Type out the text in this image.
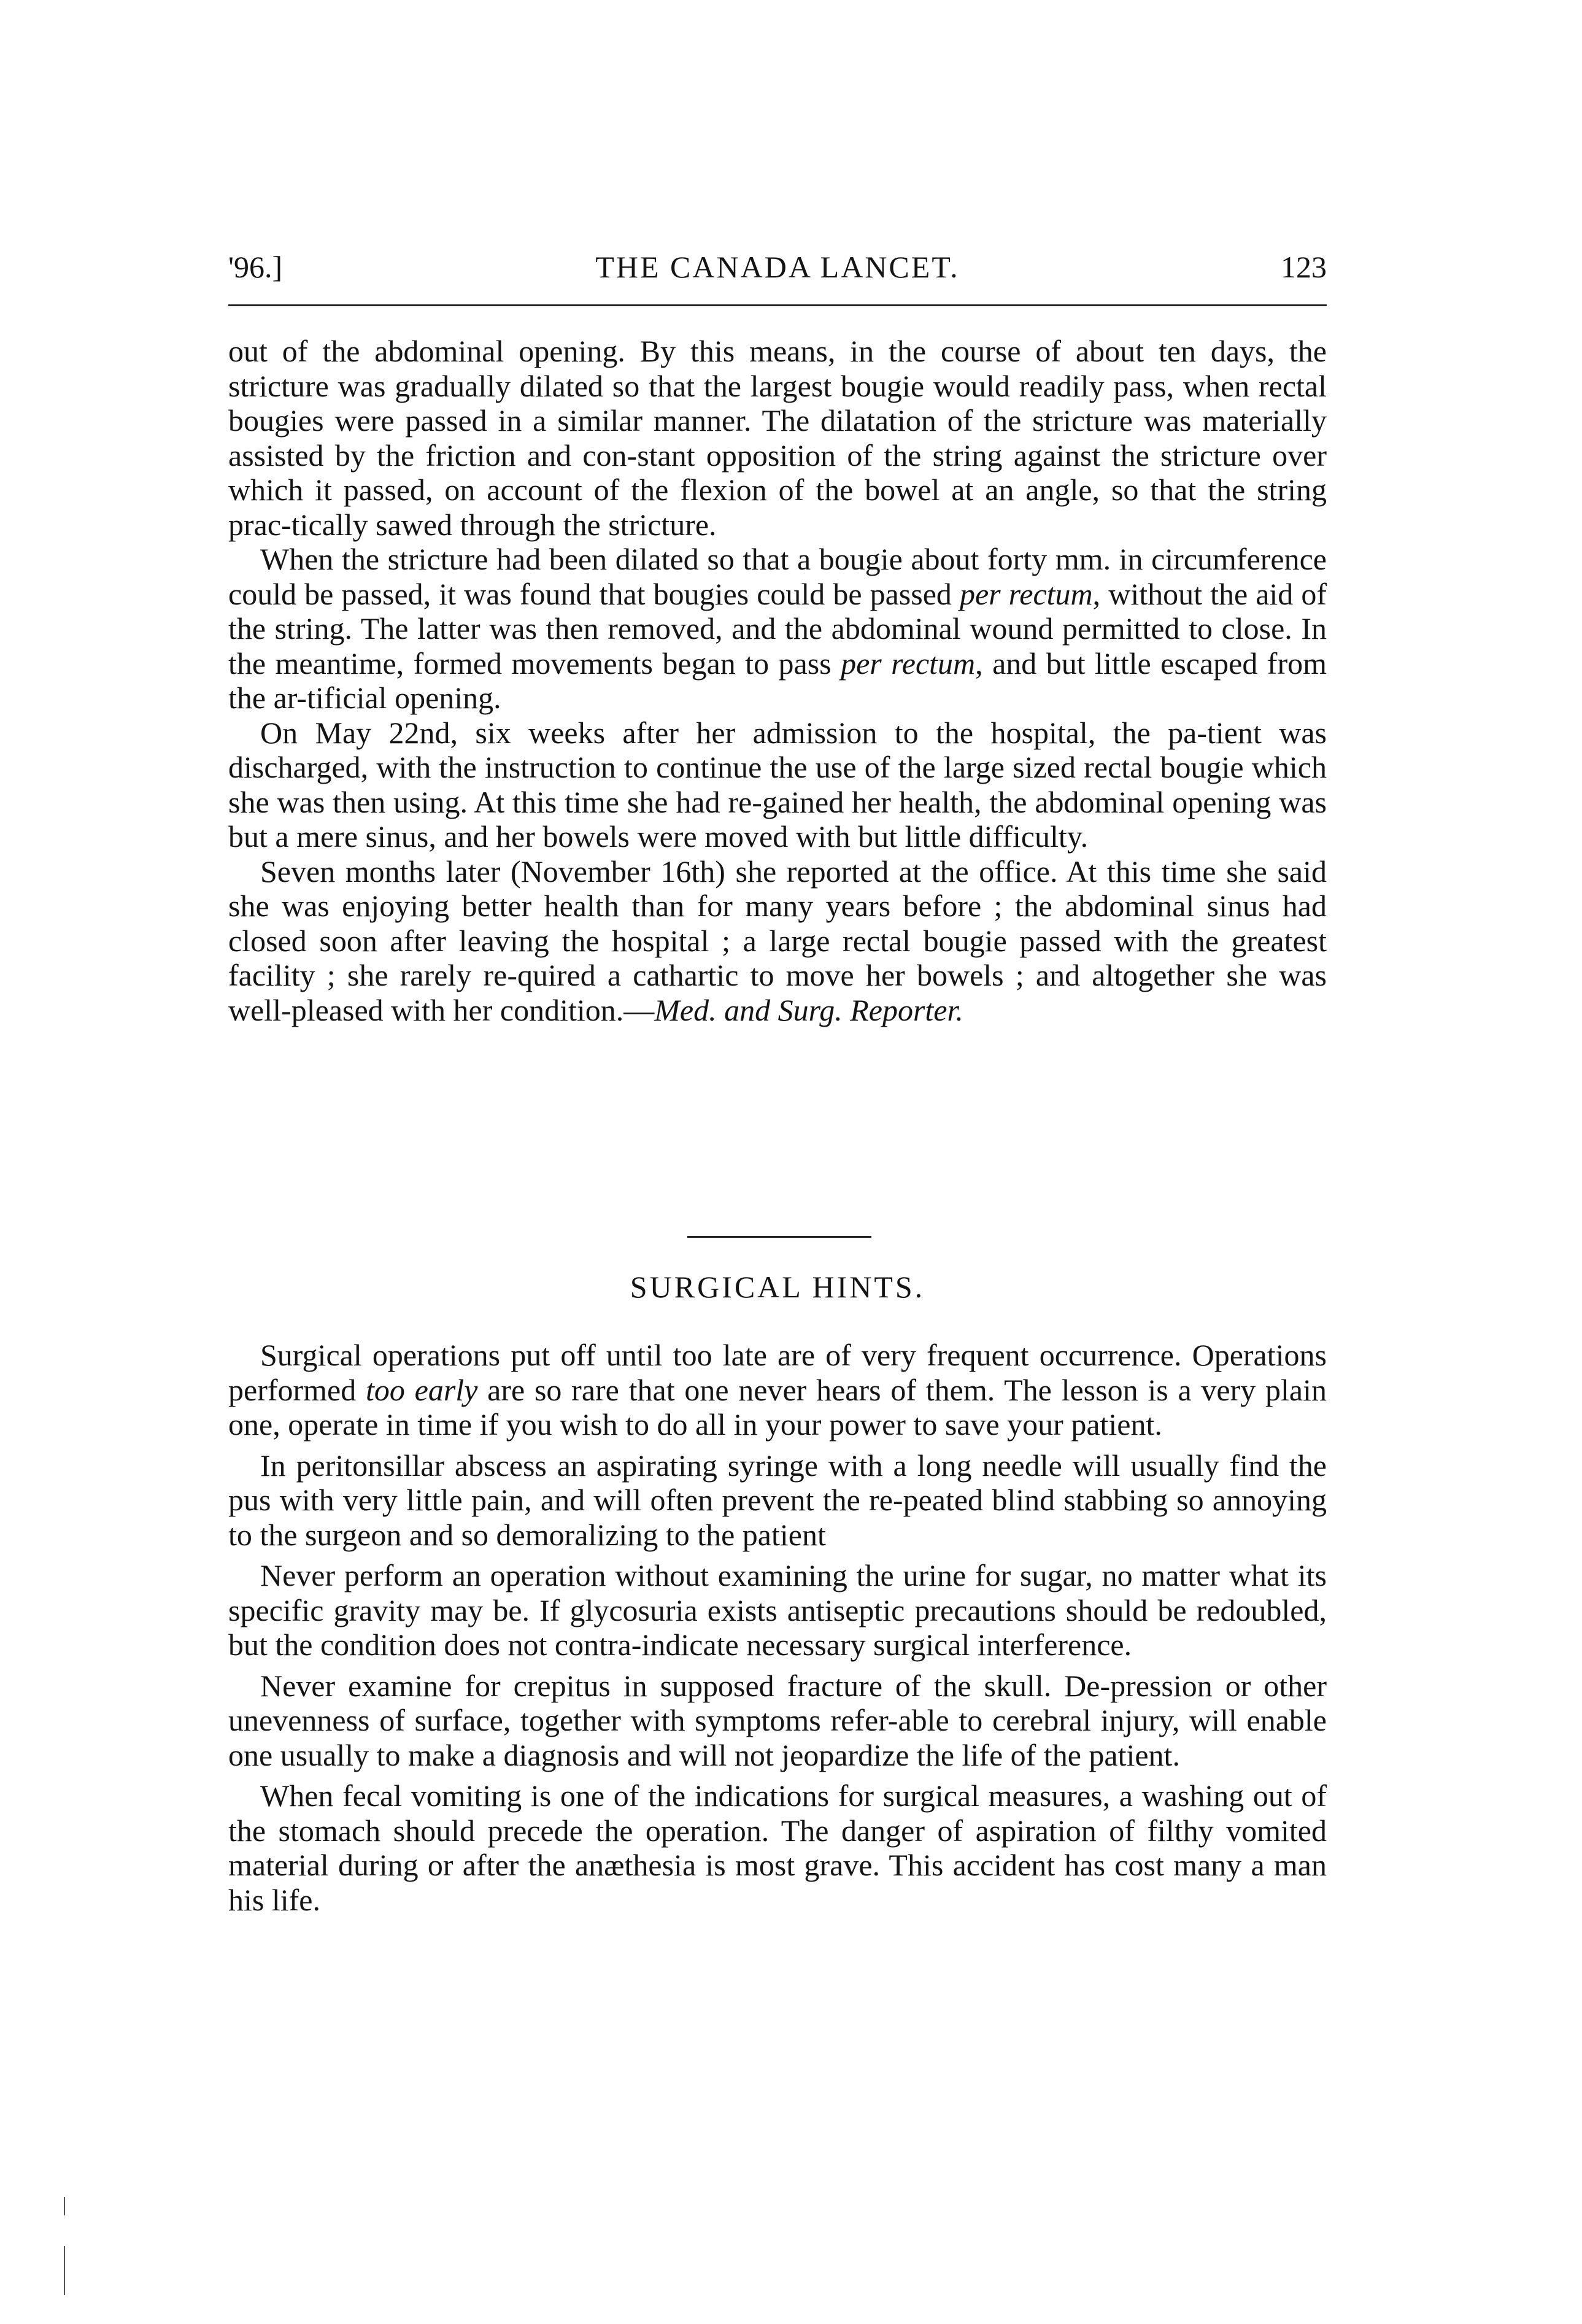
'96.]	THE CANADA LANCET.	123

out of the abdominal opening. By this means, in the course of about ten days, the stricture was gradually dilated so that the largest bougie would readily pass, when rectal bougies were passed in a similar manner. The dilatation of the stricture was materially assisted by the friction and con-stant opposition of the string against the stricture over which it passed, on account of the flexion of the bowel at an angle, so that the string prac-tically sawed through the stricture.

When the stricture had been dilated so that a bougie about forty mm. in circumference could be passed, it was found that bougies could be passed per rectum, without the aid of the string. The latter was then removed, and the abdominal wound permitted to close. In the meantime, formed movements began to pass per rectum, and but little escaped from the ar-tificial opening.

On May 22nd, six weeks after her admission to the hospital, the pa-tient was discharged, with the instruction to continue the use of the large sized rectal bougie which she was then using. At this time she had re-gained her health, the abdominal opening was but a mere sinus, and her bowels were moved with but little difficulty.

Seven months later (November 16th) she reported at the office. At this time she said she was enjoying better health than for many years before ; the abdominal sinus had closed soon after leaving the hospital ; a large rectal bougie passed with the greatest facility ; she rarely re-quired a cathartic to move her bowels ; and altogether she was well-pleased with her condition.—Med. and Surg. Reporter.

SURGICAL HINTS.

Surgical operations put off until too late are of very frequent occurrence. Operations performed too early are so rare that one never hears of them. The lesson is a very plain one, operate in time if you wish to do all in your power to save your patient.

In peritonsillar abscess an aspirating syringe with a long needle will usually find the pus with very little pain, and will often prevent the re-peated blind stabbing so annoying to the surgeon and so demoralizing to the patient

Never perform an operation without examining the urine for sugar, no matter what its specific gravity may be. If glycosuria exists antiseptic precautions should be redoubled, but the condition does not contra-indicate necessary surgical interference.

Never examine for crepitus in supposed fracture of the skull. De-pression or other unevenness of surface, together with symptoms refer-able to cerebral injury, will enable one usually to make a diagnosis and will not jeopardize the life of the patient.

When fecal vomiting is one of the indications for surgical measures, a washing out of the stomach should precede the operation. The danger of aspiration of filthy vomited material during or after the anæthesia is most grave. This accident has cost many a man his life.
